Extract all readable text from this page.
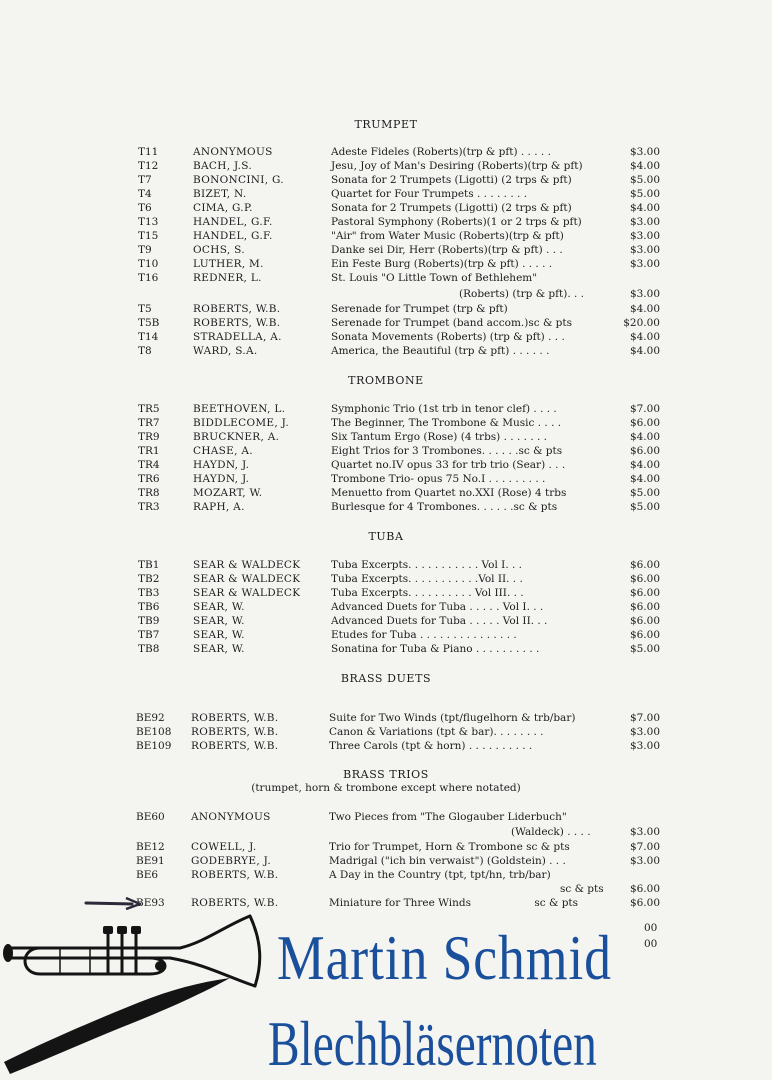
TRUMPET
T11	ANONYMOUS	Adeste Fideles (Roberts)(trp & pft) . . . . .	$3.00
T12	BACH, J.S.	Jesu, Joy of Man's Desiring (Roberts)(trp & pft)	$4.00
T7	BONONCINI, G.	Sonata for 2 Trumpets (Ligotti) (2 trps & pft)	$5.00
T4	BIZET, N.	Quartet for Four Trumpets . . . . . . . .	$5.00
T6	CIMA, G.P.	Sonata for 2 Trumpets (Ligotti) (2 trps & pft)	$4.00
T13	HANDEL, G.F.	Pastoral Symphony (Roberts)(1 or 2 trps & pft)	$3.00
T15	HANDEL, G.F.	"Air" from Water Music (Roberts)(trp & pft)	$3.00
T9	OCHS, S.	Danke sei Dir, Herr (Roberts)(trp & pft) . . .	$3.00
T10	LUTHER, M.	Ein Feste Burg (Roberts)(trp & pft) . . . . .	$3.00
T16	REDNER, L.	St. Louis "O Little Town of Bethlehem"
(Roberts) (trp & pft). . .	$3.00
T5	ROBERTS, W.B.	Serenade for Trumpet (trp & pft)	$4.00
T5B	ROBERTS, W.B.	Serenade for Trumpet (band accom.)sc & pts	$20.00
T14	STRADELLA, A.	Sonata Movements (Roberts) (trp & pft) . . .	$4.00
T8	WARD, S.A.	America, the Beautiful (trp & pft) . . . . . .	$4.00
TROMBONE
TR5	BEETHOVEN, L.	Symphonic Trio (1st trb in tenor clef) . . . .	$7.00
TR7	BIDDLECOME, J.	The Beginner, The Trombone & Music . . . .	$6.00
TR9	BRUCKNER, A.	Six Tantum Ergo (Rose) (4 trbs) . . . . . . .	$4.00
TR1	CHASE, A.	Eight Trios for 3 Trombones. . . . . .sc & pts	$6.00
TR4	HAYDN, J.	Quartet no.IV opus 33 for trb trio (Sear) . . .	$4.00
TR6	HAYDN, J.	Trombone Trio- opus 75 No.I . . . . . . . . .	$4.00
TR8	MOZART, W.	Menuetto from Quartet no.XXI (Rose) 4 trbs	$5.00
TR3	RAPH, A.	Burlesque for 4 Trombones. . . . . .sc & pts	$5.00
TUBA
TB1	SEAR & WALDECK	Tuba Excerpts. . . . . . . . . . . Vol I. . .	$6.00
TB2	SEAR & WALDECK	Tuba Excerpts. . . . . . . . . . .Vol II. . .	$6.00
TB3	SEAR & WALDECK	Tuba Excerpts. . . . . . . . . . Vol III. . .	$6.00
TB6	SEAR, W.	Advanced Duets for Tuba . . . . . Vol I. . .	$6.00
TB9	SEAR, W.	Advanced Duets for Tuba . . . . . Vol II. . .	$6.00
TB7	SEAR, W.	Etudes for Tuba . . . . . . . . . . . . . . .	$6.00
TB8	SEAR, W.	Sonatina for Tuba & Piano . . . . . . . . . .	$5.00
BRASS DUETS
BE92	ROBERTS, W.B.	Suite for Two Winds (tpt/flugelhorn & trb/bar)	$7.00
BE108 ROBERTS, W.B.	Canon & Variations (tpt & bar). . . . . . . .	$3.00
BE109 ROBERTS, W.B.	Three Carols (tpt & horn) . . . . . . . . . .	$3.00
BRASS TRIOS
(trumpet, horn & trombone except where notated)
BE60	ANONYMOUS	Two Pieces from "The Glogauber Liderbuch"
(Waldeck) . . . .	$3.00
BE12	COWELL, J.	Trio for Trumpet, Horn & Trombone sc & pts	$7.00
BE91	GODEBRYE, J.	Madrigal ("ich bin verwaist") (Goldstein) . . .	$3.00
BE6	ROBERTS, W.B.	A Day in the Country (tpt, tpt/hn, trb/bar)
sc & pts	$6.00
BE93	ROBERTS, W.B.	Miniature for Three Winds                   sc & pts	$6.00
00
00
Martin Schmid
Blechbläsernoten
